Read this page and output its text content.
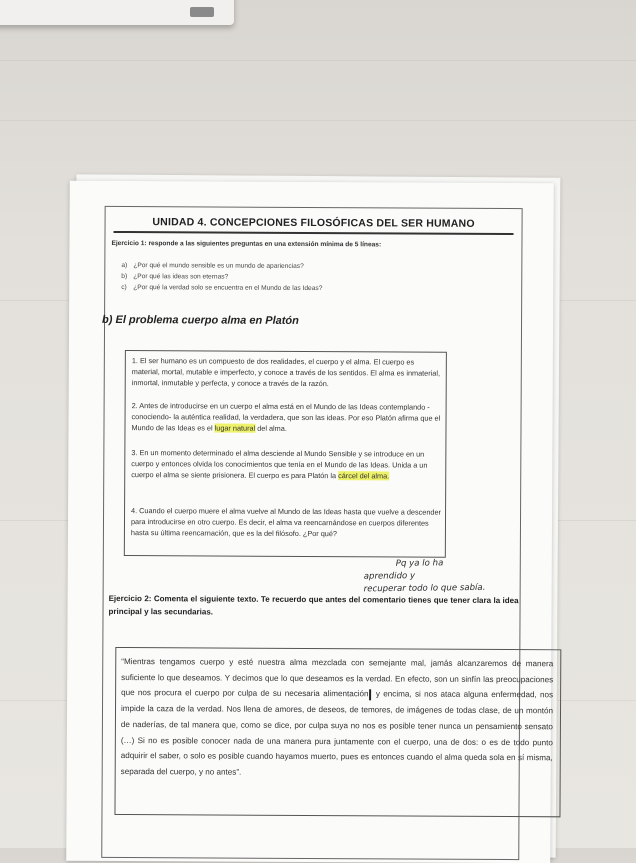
UNIDAD 4. CONCEPCIONES FILOSÓFICAS DEL SER HUMANO
Ejercicio 1: responde a las siguientes preguntas en una extensión mínima de 5 líneas:
a) ¿Por qué el mundo sensible es un mundo de apariencias?
b) ¿Por qué las ideas son eternas?
c) ¿Por qué la verdad solo se encuentra en el Mundo de las Ideas?
b) El problema cuerpo alma en Platón
1. El ser humano es un compuesto de dos realidades, el cuerpo y el alma. El cuerpo es material, mortal, mutable e imperfecto, y conoce a través de los sentidos. El alma es inmaterial, inmortal, inmutable y perfecta, y conoce a través de la razón.
2. Antes de introducirse en un cuerpo el alma está en el Mundo de las Ideas contemplando -conociendo- la auténtica realidad, la verdadera, que son las ideas. Por eso Platón afirma que el Mundo de las Ideas es el lugar natural del alma.
3. En un momento determinado el alma desciende al Mundo Sensible y se introduce en un cuerpo y entonces olvida los conocimientos que tenía en el Mundo de las Ideas. Unida a un cuerpo el alma se siente prisionera. El cuerpo es para Platón la cárcel del alma.
4. Cuando el cuerpo muere el alma vuelve al Mundo de las Ideas hasta que vuelve a descender para introducirse en otro cuerpo. Es decir, el alma va reencarnándose en cuerpos diferentes hasta su última reencarnación, que es la del filósofo. ¿Por qué?
Pq ya lo ha
aprendido y
recuperar todo lo que sabía.
Ejercicio 2: Comenta el siguiente texto. Te recuerdo que antes del comentario tienes que tener clara la idea principal y las secundarias.
“Mientras tengamos cuerpo y esté nuestra alma mezclada con semejante mal, jamás alcanzaremos de manera suficiente lo que deseamos. Y decimos que lo que deseamos es la verdad. En efecto, son un sinfín las preocupaciones que nos procura el cuerpo por culpa de su necesaria alimentación y encima, si nos ataca alguna enfermedad, nos impide la caza de la verdad. Nos llena de amores, de deseos, de temores, de imágenes de todas clase, de un montón de naderías, de tal manera que, como se dice, por culpa suya no nos es posible tener nunca un pensamiento sensato (…) Si no es posible conocer nada de una manera pura juntamente con el cuerpo, una de dos: o es de todo punto adquirir el saber, o solo es posible cuando hayamos muerto, pues es entonces cuando el alma queda sola en sí misma, separada del cuerpo, y no antes”.
